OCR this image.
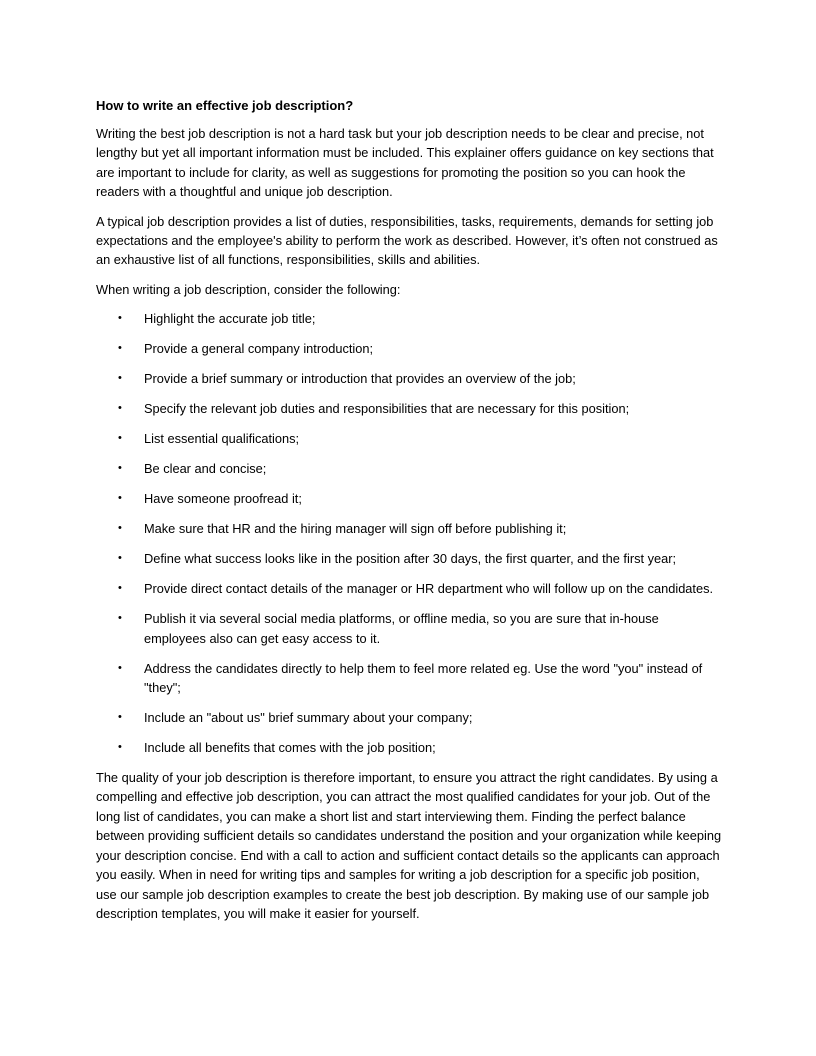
How to write an effective job description?

Writing the best job description is not a hard task but your job description needs to be clear and precise, not lengthy but yet all important information must be included. This explainer offers guidance on key sections that are important to include for clarity, as well as suggestions for promoting the position so you can hook the readers with a thoughtful and unique job description.

A typical job description provides a list of duties, responsibilities, tasks, requirements, demands for setting job expectations and the employee's ability to perform the work as described. However, it’s often not construed as an exhaustive list of all functions, responsibilities, skills and abilities.

When writing a job description, consider the following:

• Highlight the accurate job title;
• Provide a general company introduction;
• Provide a brief summary or introduction that provides an overview of the job;
• Specify the relevant job duties and responsibilities that are necessary for this position;
• List essential qualifications;
• Be clear and concise;
• Have someone proofread it;
• Make sure that HR and the hiring manager will sign off before publishing it;
• Define what success looks like in the position after 30 days, the first quarter, and the first year;
• Provide direct contact details of the manager or HR department who will follow up on the candidates.
• Publish it via several social media platforms, or offline media, so you are sure that in-house employees also can get easy access to it.
• Address the candidates directly to help them to feel more related eg. Use the word "you" instead of "they";
• Include an "about us" brief summary about your company;
• Include all benefits that comes with the job position;

The quality of your job description is therefore important, to ensure you attract the right candidates. By using a compelling and effective job description, you can attract the most qualified candidates for your job. Out of the long list of candidates, you can make a short list and start interviewing them. Finding the perfect balance between providing sufficient details so candidates understand the position and your organization while keeping your description concise. End with a call to action and sufficient contact details so the applicants can approach you easily. When in need for writing tips and samples for writing a job description for a specific job position, use our sample job description examples to create the best job description. By making use of our sample job description templates, you will make it easier for yourself.
